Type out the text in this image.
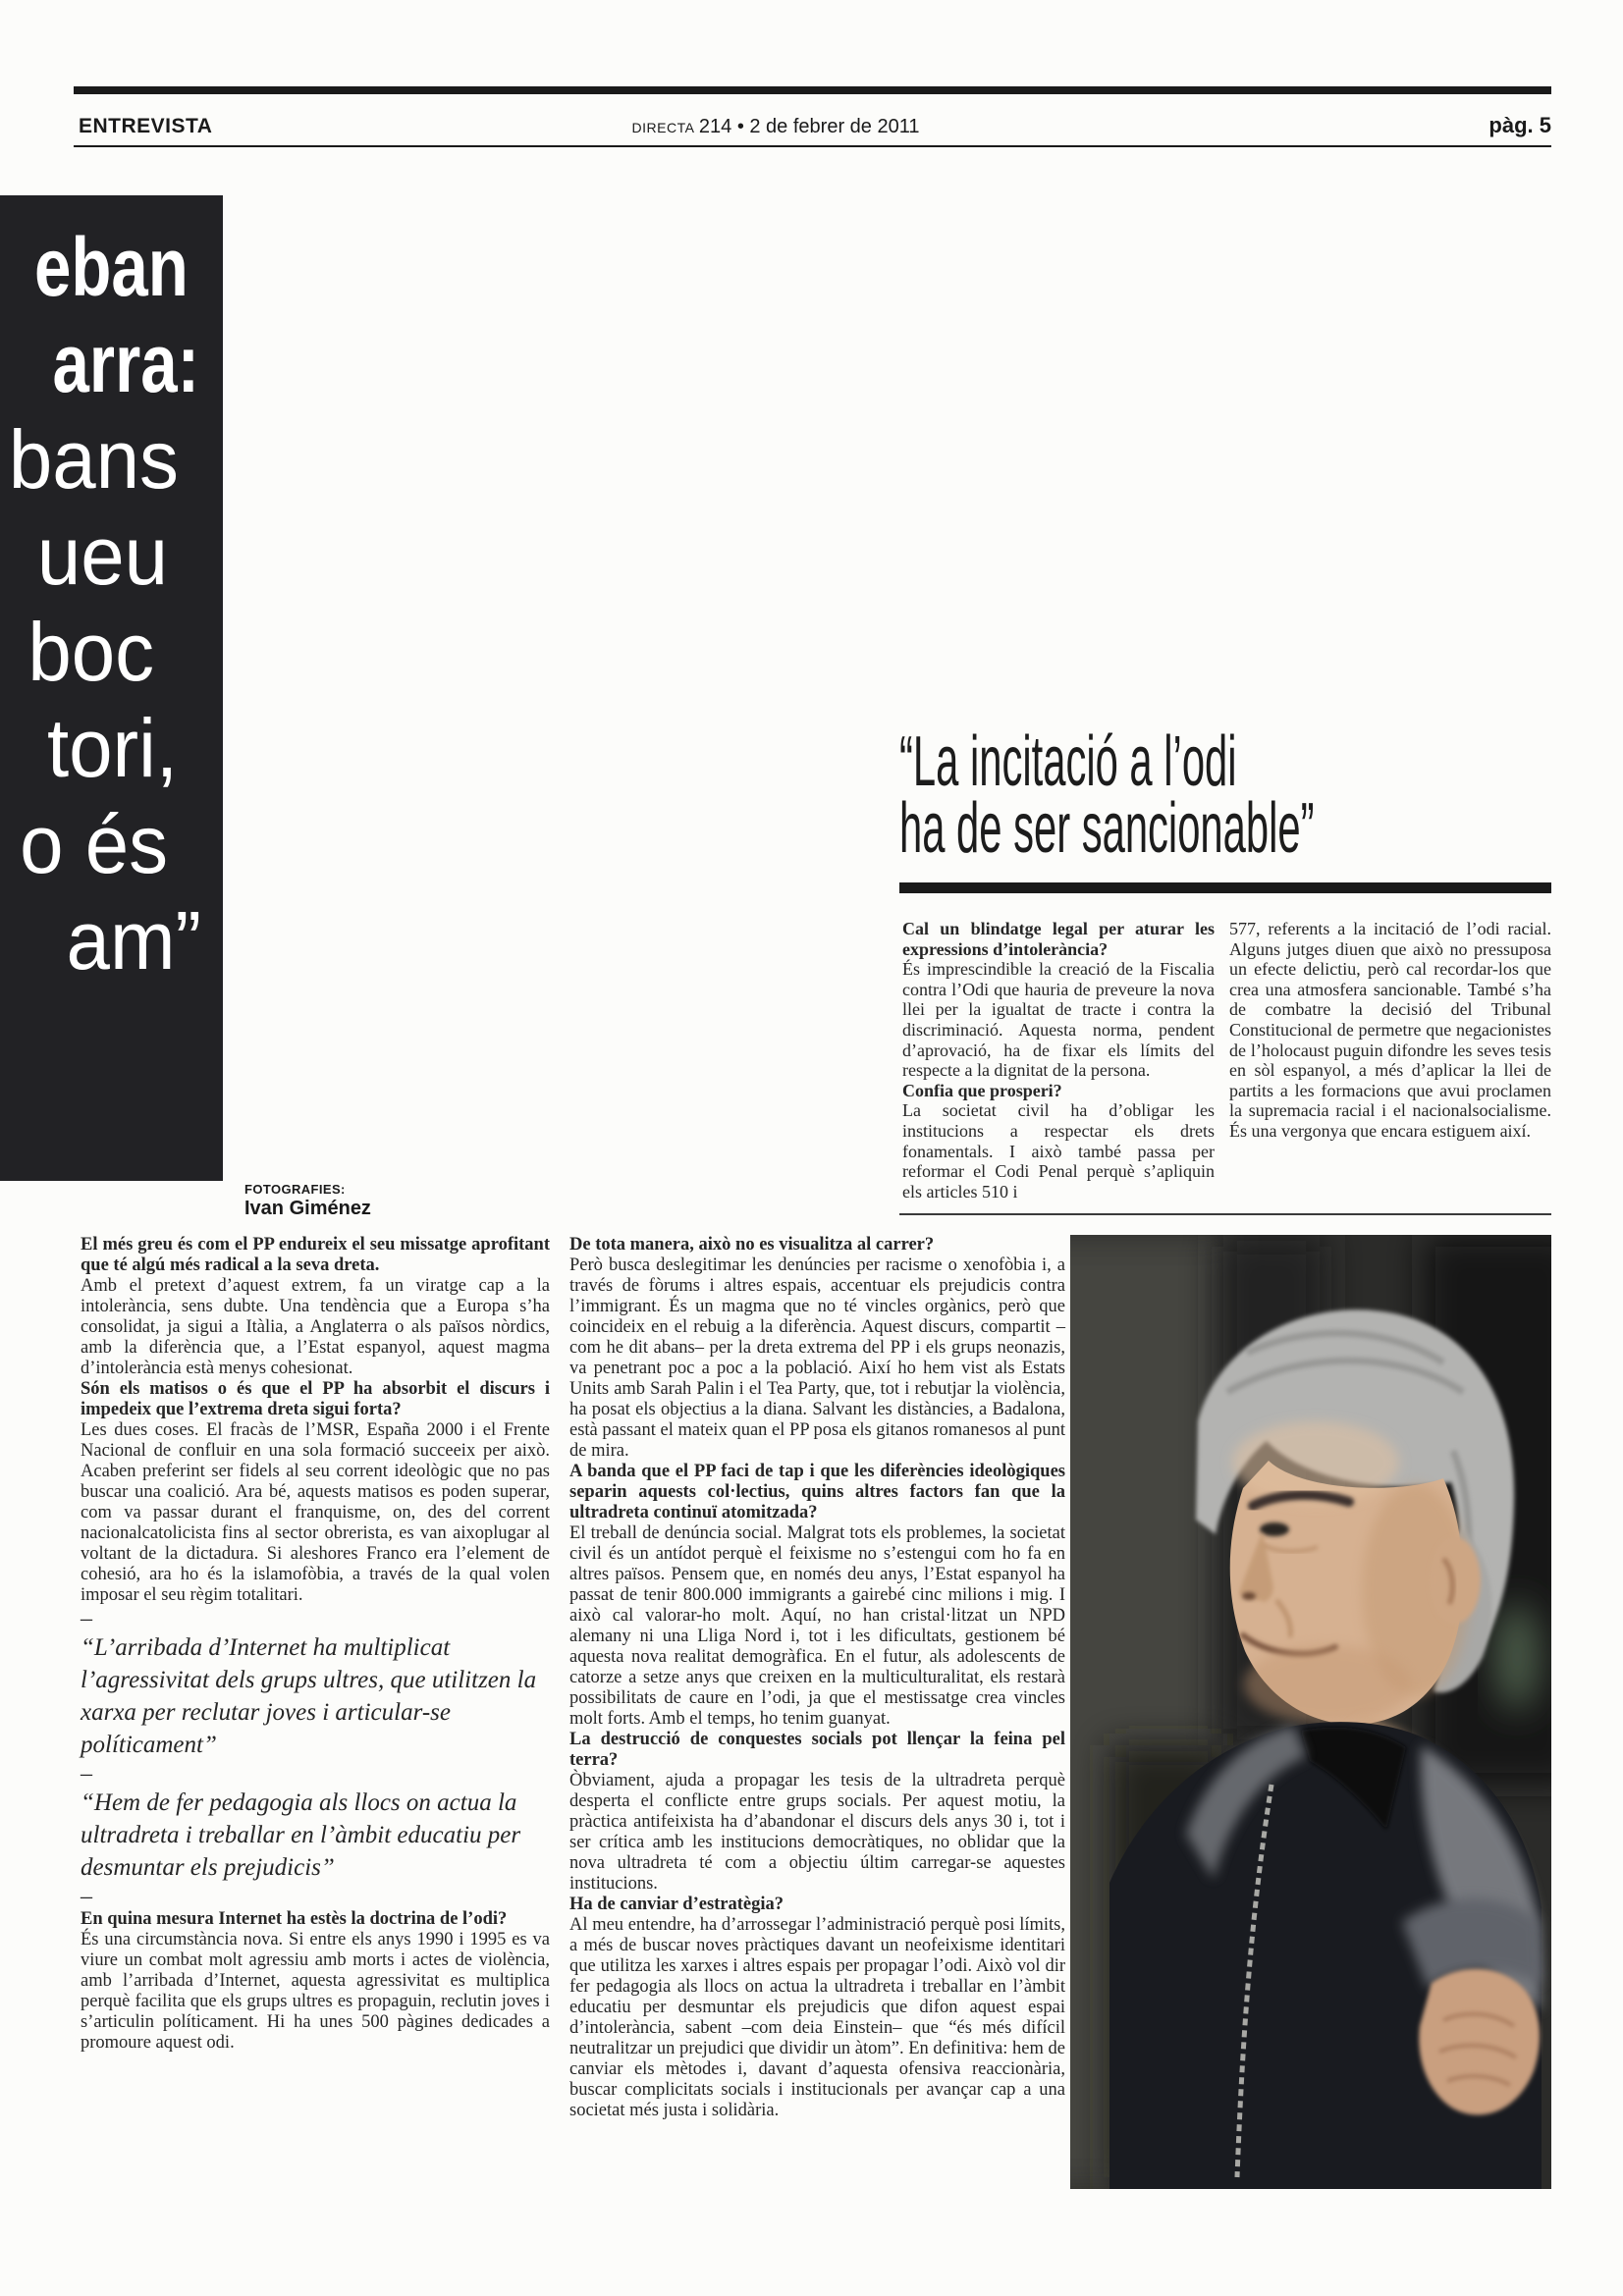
ENTREVISTA	DIRECTA 214 • 2 de febrer de 2011	pàg. 5
eban
arra:
bans
ueu
boc
tori,
o és
am”
FOTOGRAFIES:
Ivan Giménez
“La incitació a l’odi
ha de ser sancionable”

Cal un blindatge legal per aturar les expressions d’intolerància?

És imprescindible la creació de la Fiscalia contra l’Odi que hauria de preveure la nova llei per la igualtat de tracte i contra la discriminació. Aquesta norma, pendent d’aprovació, ha de fixar els límits del respecte a la dignitat de la persona.

Confia que prosperi?

La societat civil ha d’obligar les institucions a respectar els drets fonamentals. I això també passa per reformar el Codi Penal perquè s’apliquin els articles 510 i

577, referents a la incitació de l’odi racial. Alguns jutges diuen que això no pressuposa un efecte delictiu, però cal recordar-los que crea una atmosfera sancionable. També s’ha de combatre la decisió del Tribunal Constitucional de permetre que negacionistes de l’holocaust puguin difondre les seves tesis en sòl espanyol, a més d’aplicar la llei de partits a les formacions que avui proclamen la supremacia racial i el nacionalsocialisme. És una vergonya que encara estiguem així.

El més greu és com el PP endureix el seu missatge aprofitant que té algú més radical a la seva dreta.

Amb el pretext d’aquest extrem, fa un viratge cap a la intolerància, sens dubte. Una tendència que a Europa s’ha consolidat, ja sigui a Itàlia, a Anglaterra o als països nòrdics, amb la diferència que, a l’Estat espanyol, aquest magma d’intolerància està menys cohesionat.

Són els matisos o és que el PP ha absorbit el discurs i impedeix que l’extrema dreta sigui forta?

Les dues coses. El fracàs de l’MSR, España 2000 i el Frente Nacional de confluir en una sola formació succeeix per això. Acaben preferint ser fidels al seu corrent ideològic que no pas buscar una coalició. Ara bé, aquests matisos es poden superar, com va passar durant el franquisme, on, des del corrent nacionalcatolicista fins al sector obrerista, es van aixoplugar al voltant de la dictadura. Si aleshores Franco era l’element de cohesió, ara ho és la islamofòbia, a través de la qual volen imposar el seu règim totalitari.

–

“L’arribada d’Internet ha multiplicat l’agressivitat dels grups ultres, que utilitzen la xarxa per reclutar joves i articular-se políticament”

–

“Hem de fer pedagogia als llocs on actua la ultradreta i treballar en l’àmbit educatiu per desmuntar els prejudicis”

–

En quina mesura Internet ha estès la doctrina de l’odi?

És una circumstància nova. Si entre els anys 1990 i 1995 es va viure un combat molt agressiu amb morts i actes de violència, amb l’arribada d’Internet, aquesta agressivitat es multiplica perquè facilita que els grups ultres es propaguin, reclutin joves i s’articulin políticament. Hi ha unes 500 pàgines dedicades a promoure aquest odi.

De tota manera, això no es visualitza al carrer?

Però busca deslegitimar les denúncies per racisme o xenofòbia i, a través de fòrums i altres espais, accentuar els prejudicis contra l’immigrant. És un magma que no té vincles orgànics, però que coincideix en el rebuig a la diferència. Aquest discurs, compartit –com he dit abans– per la dreta extrema del PP i els grups neonazis, va penetrant poc a poc a la població. Així ho hem vist als Estats Units amb Sarah Palin i el Tea Party, que, tot i rebutjar la violència, ha posat els objectius a la diana. Salvant les distàncies, a Badalona, està passant el mateix quan el PP posa els gitanos romanesos al punt de mira.

A banda que el PP faci de tap i que les diferències ideològiques separin aquests col·lectius, quins altres factors fan que la ultradreta continuï atomitzada?

El treball de denúncia social. Malgrat tots els problemes, la societat civil és un antídot perquè el feixisme no s’estengui com ho fa en altres països. Pensem que, en només deu anys, l’Estat espanyol ha passat de tenir 800.000 immigrants a gairebé cinc milions i mig. I això cal valorar-ho molt. Aquí, no han cristal·litzat un NPD alemany ni una Lliga Nord i, tot i les dificultats, gestionem bé aquesta nova realitat demogràfica. En el futur, als adolescents de catorze a setze anys que creixen en la multiculturalitat, els restarà possibilitats de caure en l’odi, ja que el mestissatge crea vincles molt forts. Amb el temps, ho tenim guanyat.

La destrucció de conquestes socials pot llençar la feina pel terra?

Òbviament, ajuda a propagar les tesis de la ultradreta perquè desperta el conflicte entre grups socials. Per aquest motiu, la pràctica antifeixista ha d’abandonar el discurs dels anys 30 i, tot i ser crítica amb les institucions democràtiques, no oblidar que la nova ultradreta té com a objectiu últim carregar-se aquestes institucions.

Ha de canviar d’estratègia?

Al meu entendre, ha d’arrossegar l’administració perquè posi límits, a més de buscar noves pràctiques davant un neofeixisme identitari que utilitza les xarxes i altres espais per propagar l’odi. Això vol dir fer pedagogia als llocs on actua la ultradreta i treballar en l’àmbit educatiu per desmuntar els prejudicis que difon aquest espai d’intolerància, sabent –com deia Einstein– que “és més difícil neutralitzar un prejudici que dividir un àtom”. En definitiva: hem de canviar els mètodes i, davant d’aquesta ofensiva reaccionària, buscar complicitats socials i institucionals per avançar cap a una societat més justa i solidària.
